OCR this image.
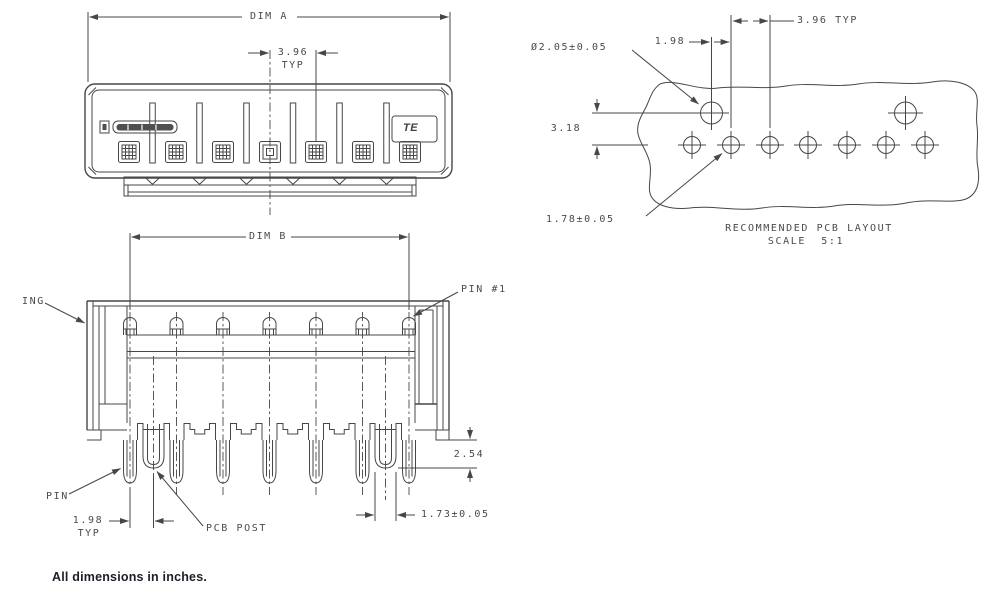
DIM A
3.96
TYP
TE
DIM B
PIN #1
ING
PIN
1.98
TYP	PCB POST
2.54
1.73±0.05
Ø2.05±0.05
1.98
3.96 TYP
3.18
1.78±0.05
RECOMMENDED PCB LAYOUT
SCALE  5:1
All dimensions in inches.
